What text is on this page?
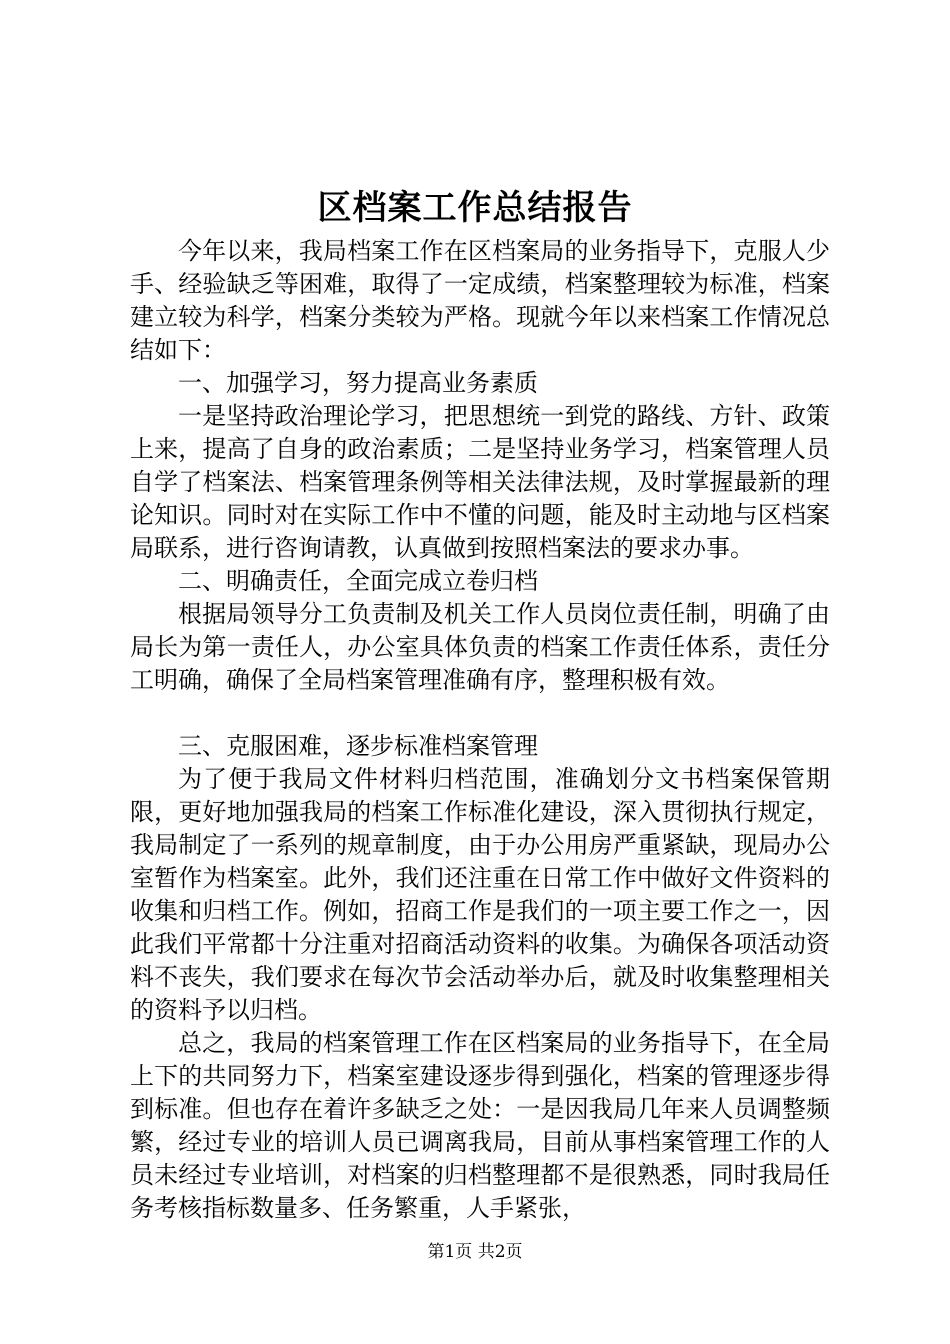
区档案工作总结报告

今年以来，我局档案工作在区档案局的业务指导下，克服人少手、经验缺乏等困难，取得了一定成绩，档案整理较为标准，档案建立较为科学，档案分类较为严格。现就今年以来档案工作情况总结如下：

一、加强学习，努力提高业务素质

一是坚持政治理论学习，把思想统一到党的路线、方针、政策上来，提高了自身的政治素质；二是坚持业务学习，档案管理人员自学了档案法、档案管理条例等相关法律法规，及时掌握最新的理论知识。同时对在实际工作中不懂的问题，能及时主动地与区档案局联系，进行咨询请教，认真做到按照档案法的要求办事。

二、明确责任，全面完成立卷归档

根据局领导分工负责制及机关工作人员岗位责任制，明确了由局长为第一责任人，办公室具体负责的档案工作责任体系，责任分工明确，确保了全局档案管理准确有序，整理积极有效。

三、克服困难，逐步标准档案管理

为了便于我局文件材料归档范围，准确划分文书档案保管期限，更好地加强我局的档案工作标准化建设，深入贯彻执行规定，我局制定了一系列的规章制度，由于办公用房严重紧缺，现局办公室暂作为档案室。此外，我们还注重在日常工作中做好文件资料的收集和归档工作。例如，招商工作是我们的一项主要工作之一，因此我们平常都十分注重对招商活动资料的收集。为确保各项活动资料不丧失，我们要求在每次节会活动举办后，就及时收集整理相关的资料予以归档。

总之，我局的档案管理工作在区档案局的业务指导下，在全局上下的共同努力下，档案室建设逐步得到强化，档案的管理逐步得到标准。但也存在着许多缺乏之处：一是因我局几年来人员调整频繁，经过专业的培训人员已调离我局，目前从事档案管理工作的人员未经过专业培训，对档案的归档整理都不是很熟悉，同时我局任务考核指标数量多、任务繁重，人手紧张，

第1页 共2页
